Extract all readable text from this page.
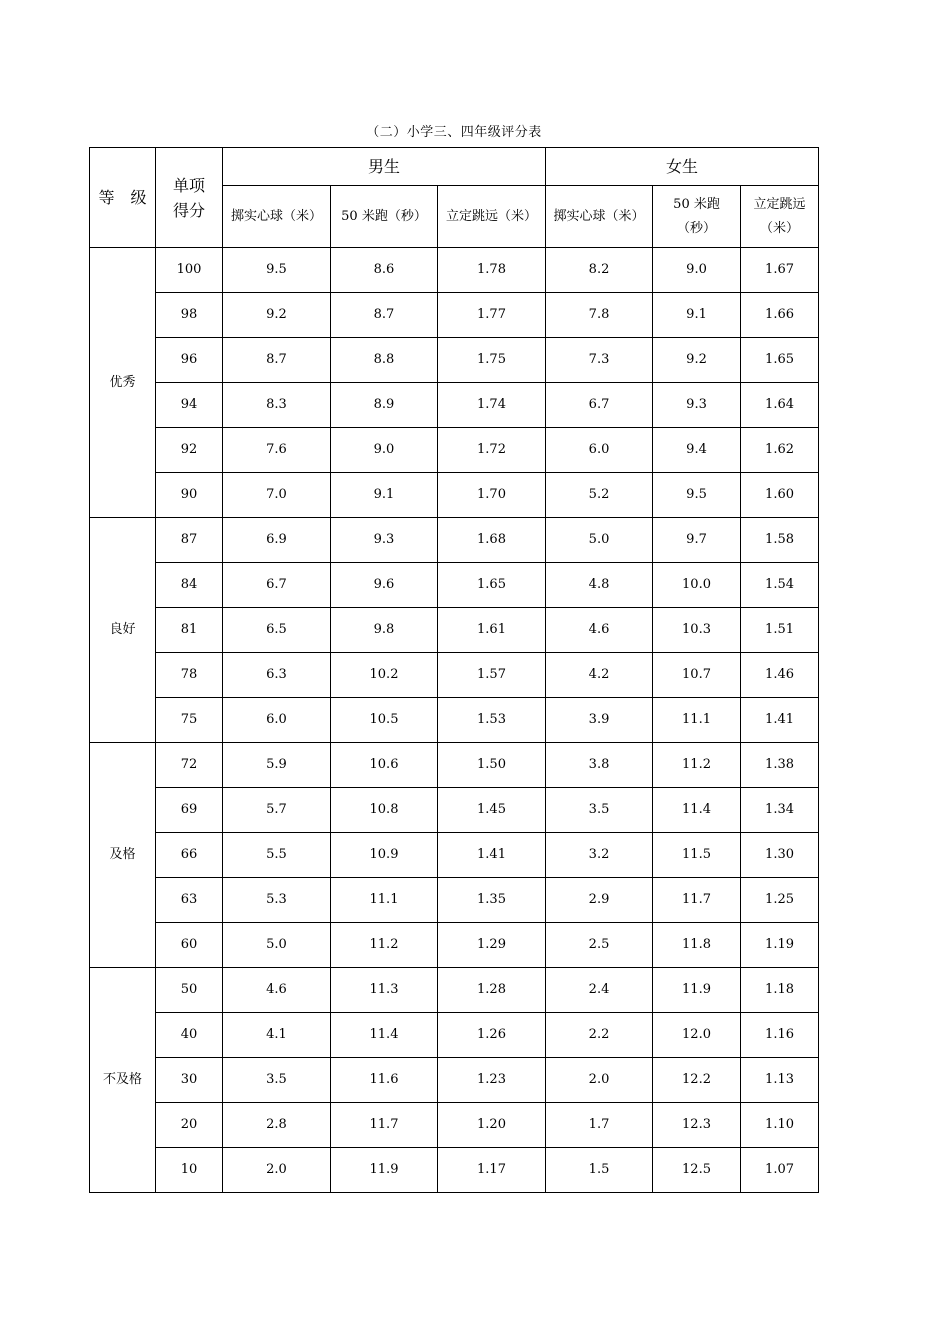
（二）小学三、四年级评分表
等 级	单项得分	男生			女生		
		掷实心球（米）	50 米跑（秒）	立定跳远（米）	掷实心球（米）	50 米跑（秒）	立定跳远（米）

优秀	100	9.5	8.6	1.78	8.2	9.0	1.67
	98	9.2	8.7	1.77	7.8	9.1	1.66
	96	8.7	8.8	1.75	7.3	9.2	1.65
	94	8.3	8.9	1.74	6.7	9.3	1.64
	92	7.6	9.0	1.72	6.0	9.4	1.62
	90	7.0	9.1	1.70	5.2	9.5	1.60
良好	87	6.9	9.3	1.68	5.0	9.7	1.58
	84	6.7	9.6	1.65	4.8	10.0	1.54
	81	6.5	9.8	1.61	4.6	10.3	1.51
	78	6.3	10.2	1.57	4.2	10.7	1.46
	75	6.0	10.5	1.53	3.9	11.1	1.41
及格	72	5.9	10.6	1.50	3.8	11.2	1.38
	69	5.7	10.8	1.45	3.5	11.4	1.34
	66	5.5	10.9	1.41	3.2	11.5	1.30
	63	5.3	11.1	1.35	2.9	11.7	1.25
	60	5.0	11.2	1.29	2.5	11.8	1.19
不及格	50	4.6	11.3	1.28	2.4	11.9	1.18
	40	4.1	11.4	1.26	2.2	12.0	1.16
	30	3.5	11.6	1.23	2.0	12.2	1.13
	20	2.8	11.7	1.20	1.7	12.3	1.10
	10	2.0	11.9	1.17	1.5	12.5	1.07
